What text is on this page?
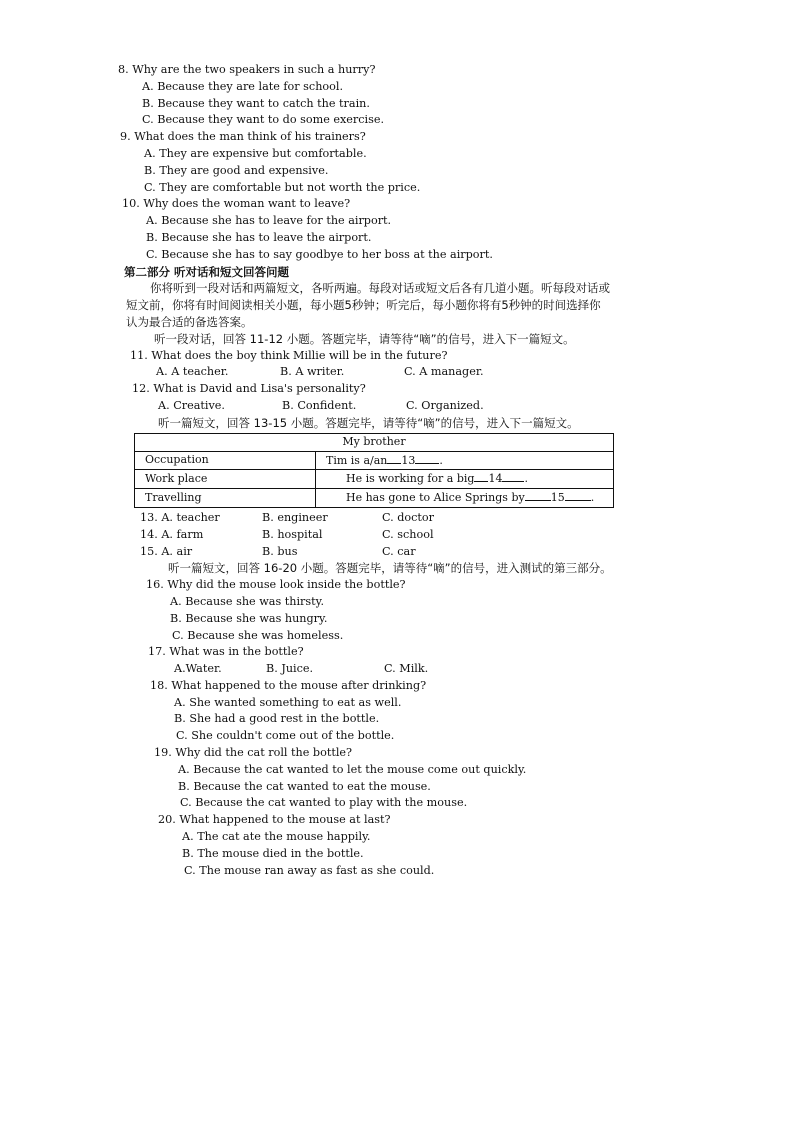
8. Why are the two speakers in such a hurry?
A. Because they are late for school.
B. Because they want to catch the train.
C. Because they want to do some exercise.
9. What does the man think of his trainers?
A. They are expensive but comfortable.
B. They are good and expensive.
C. They are comfortable but not worth the price.
10. Why does the woman want to leave?
A. Because she has to leave for the airport.
B. Because she has to leave the airport.
C. Because she has to say goodbye to her boss at the airport.
第二部分 听对话和短文回答问题
你将听到一段对话和两篇短文，各听两遍。每段对话或短文后各有几道小题。听每段对话或
短文前，你将有时间阅读相关小题，每小题5秒钟；听完后，每小题你将有5秒钟的时间选择你
认为最合适的备选答案。
听一段对话，回答 11-12 小题。答题完毕，请等待“嘀”的信号，进入下一篇短文。
11. What does the boy think Millie will be in the future?
A. A teacher.	B. A writer.	C. A manager.
12. What is David and Lisa's personality?
A. Creative.	B. Confident.	C. Organized.
听一篇短文，回答 13-15 小题。答题完毕，请等待“嘀”的信号，进入下一篇短文。
My brother	
Occupation	Tim is a/an 13 .
Work place	He is working for a big 14 .
Travelling	He has gone to Alice Springs by 15 .
13. A. teacher	B. engineer	C. doctor
14. A. farm	B. hospital	C. school
15. A. air	B. bus	C. car
听一篇短文，回答 16-20 小题。答题完毕，请等待“嘀”的信号，进入测试的第三部分。
16. Why did the mouse look inside the bottle?
A. Because she was thirsty.
B. Because she was hungry.
C. Because she was homeless.
17. What was in the bottle?
A.Water.	B. Juice.	C. Milk.
18. What happened to the mouse after drinking?
A. She wanted something to eat as well.
B. She had a good rest in the bottle.
C. She couldn't come out of the bottle.
19. Why did the cat roll the bottle?
A. Because the cat wanted to let the mouse come out quickly.
B. Because the cat wanted to eat the mouse.
C. Because the cat wanted to play with the mouse.
20. What happened to the mouse at last?
A. The cat ate the mouse happily.
B. The mouse died in the bottle.
C. The mouse ran away as fast as she could.
